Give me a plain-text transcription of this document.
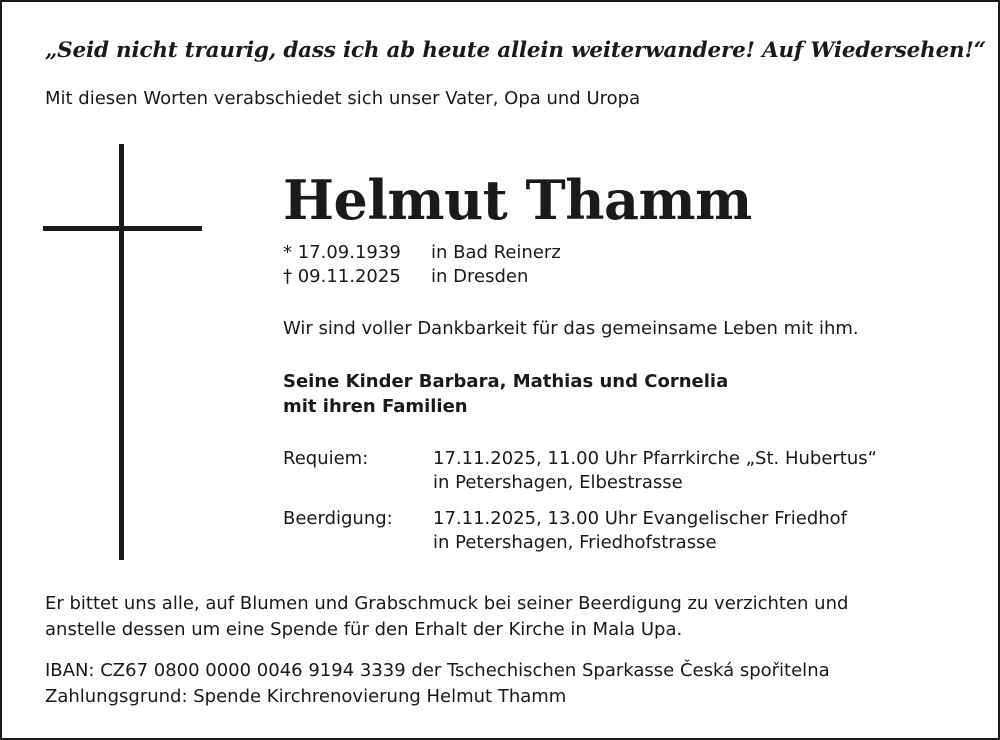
„Seid nicht traurig, dass ich ab heute allein weiterwandere! Auf Wiedersehen!“
Mit diesen Worten verabschiedet sich unser Vater, Opa und Uropa
Helmut Thamm
* 17.09.1939 in Bad Reinerz
† 09.11.2025 in Dresden
Wir sind voller Dankbarkeit für das gemeinsame Leben mit ihm.
Seine Kinder Barbara, Mathias und Cornelia
mit ihren Familien
Requiem:	17.11.2025, 11.00 Uhr Pfarrkirche „St. Hubertus“
in Petershagen, Elbestrasse
Beerdigung: 17.11.2025, 13.00 Uhr Evangelischer Friedhof
in Petershagen, Friedhofstrasse
Er bittet uns alle, auf Blumen und Grabschmuck bei seiner Beerdigung zu verzichten und
anstelle dessen um eine Spende für den Erhalt der Kirche in Mala Upa.
IBAN: CZ67 0800 0000 0046 9194 3339 der Tschechischen Sparkasse Česká spořitelna
Zahlungsgrund: Spende Kirchrenovierung Helmut Thamm
